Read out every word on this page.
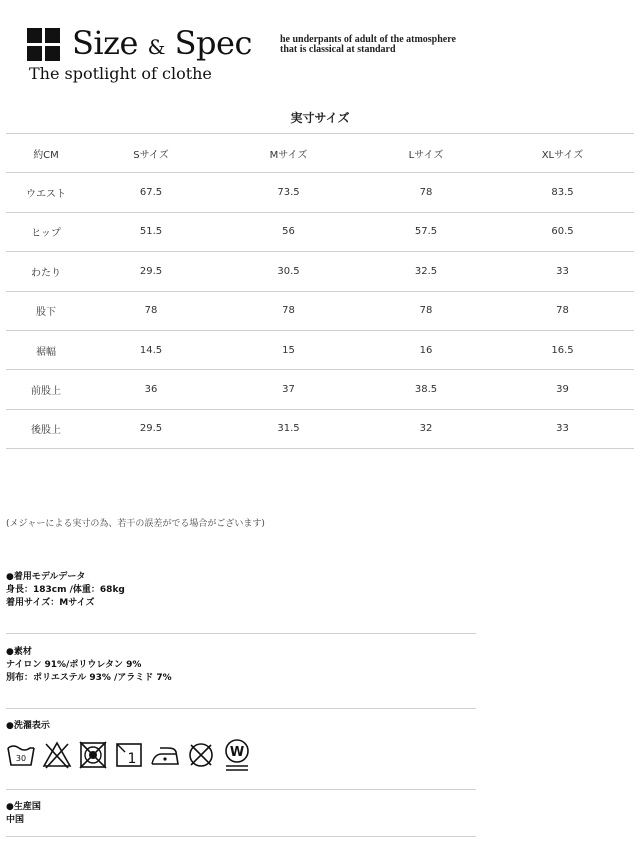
Size & Spec
The spotlight of clothe
he underpants of adult of the atmosphere
that is classical at standard
実寸サイズ
約CM	Sサイズ	Mサイズ	Lサイズ	XLサイズ
ウエスト	67.5	73.5	78	83.5
ヒップ	51.5	56	57.5	60.5
わたり	29.5	30.5	32.5	33
股下	78	78	78	78
裾幅	14.5	15	16	16.5
前股上	36	37	38.5	39
後股上	29.5	31.5	32	33
(メジャーによる実寸の為、若干の誤差がでる場合がございます)
●着用モデルデータ
身長：183cm /体重：68kg
着用サイズ：Mサイズ
●素材
ナイロン 91%/ポリウレタン 9%
別布：ポリエステル 93% /アラミド 7%
●洗濯表示
30	1	W
●生産国
中国
